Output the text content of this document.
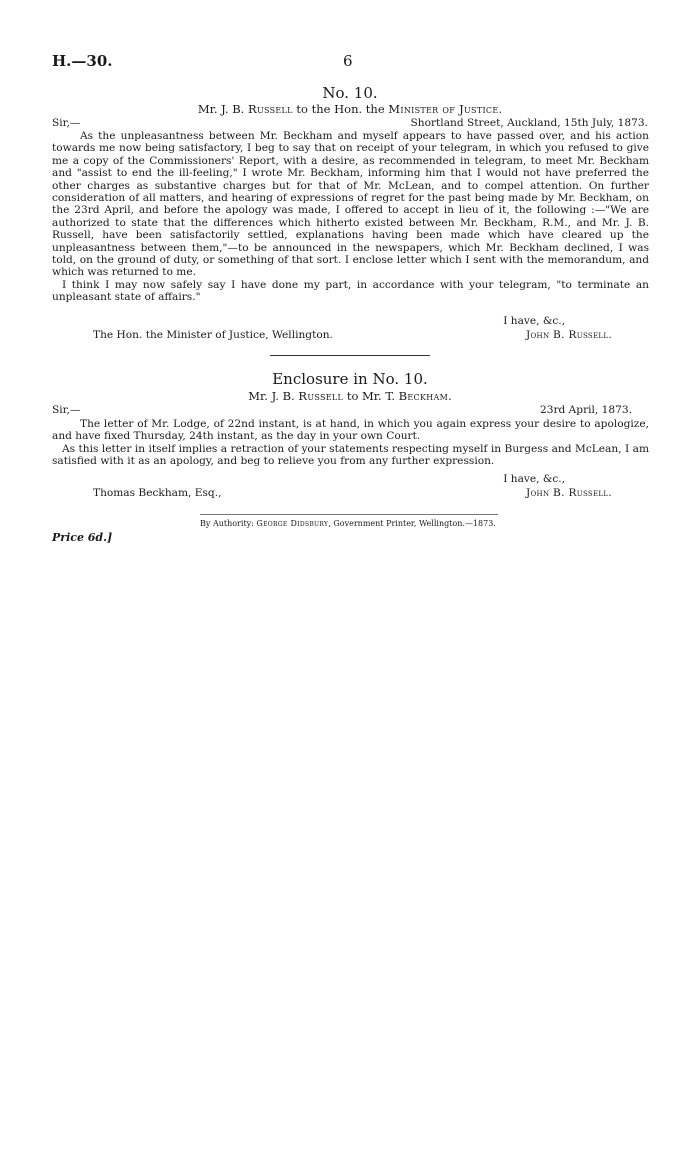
H.—30.	6
No. 10.
Mr. J. B. Russell to the Hon. the Minister of Justice.
Sir,—	Shortland Street, Auckland, 15th July, 1873.

As the unpleasantness between Mr. Beckham and myself appears to have passed over, and his action towards me now being satisfactory, I beg to say that on receipt of your telegram, in which you refused to give me a copy of the Commissioners' Report, with a desire, as recommended in telegram, to meet Mr. Beckham and "assist to end the ill-feeling," I wrote Mr. Beckham, informing him that I would not have preferred the other charges as substantive charges but for that of Mr. McLean, and to compel attention. On further consideration of all matters, and hearing of expressions of regret for the past being made by Mr. Beckham, on the 23rd April, and before the apology was made, I offered to accept in lieu of it, the following :—"We are authorized to state that the differences which hitherto existed between Mr. Beckham, R.M., and Mr. J. B. Russell, have been satisfactorily settled, explanations having been made which have cleared up the unpleasantness between them,"—to be announced in the newspapers, which Mr. Beckham declined, I was told, on the ground of duty, or something of that sort. I enclose letter which I sent with the memorandum, and which was returned to me.

I think I may now safely say I have done my part, in accordance with your telegram, "to terminate an unpleasant state of affairs."

I have, &c.,
The Hon. the Minister of Justice, Wellington.	John B. Russell.
Enclosure in No. 10.
Mr. J. B. Russell to Mr. T. Beckham.
Sir,—	23rd April, 1873.

The letter of Mr. Lodge, of 22nd instant, is at hand, in which you again express your desire to apologize, and have fixed Thursday, 24th instant, as the day in your own Court.

As this letter in itself implies a retraction of your statements respecting myself in Burgess and McLean, I am satisfied with it as an apology, and beg to relieve you from any further expression.

I have, &c.,
Thomas Beckham, Esq.,	John B. Russell.
By Authority: George Didsbury, Government Printer, Wellington.—1873.
Price 6d.]
